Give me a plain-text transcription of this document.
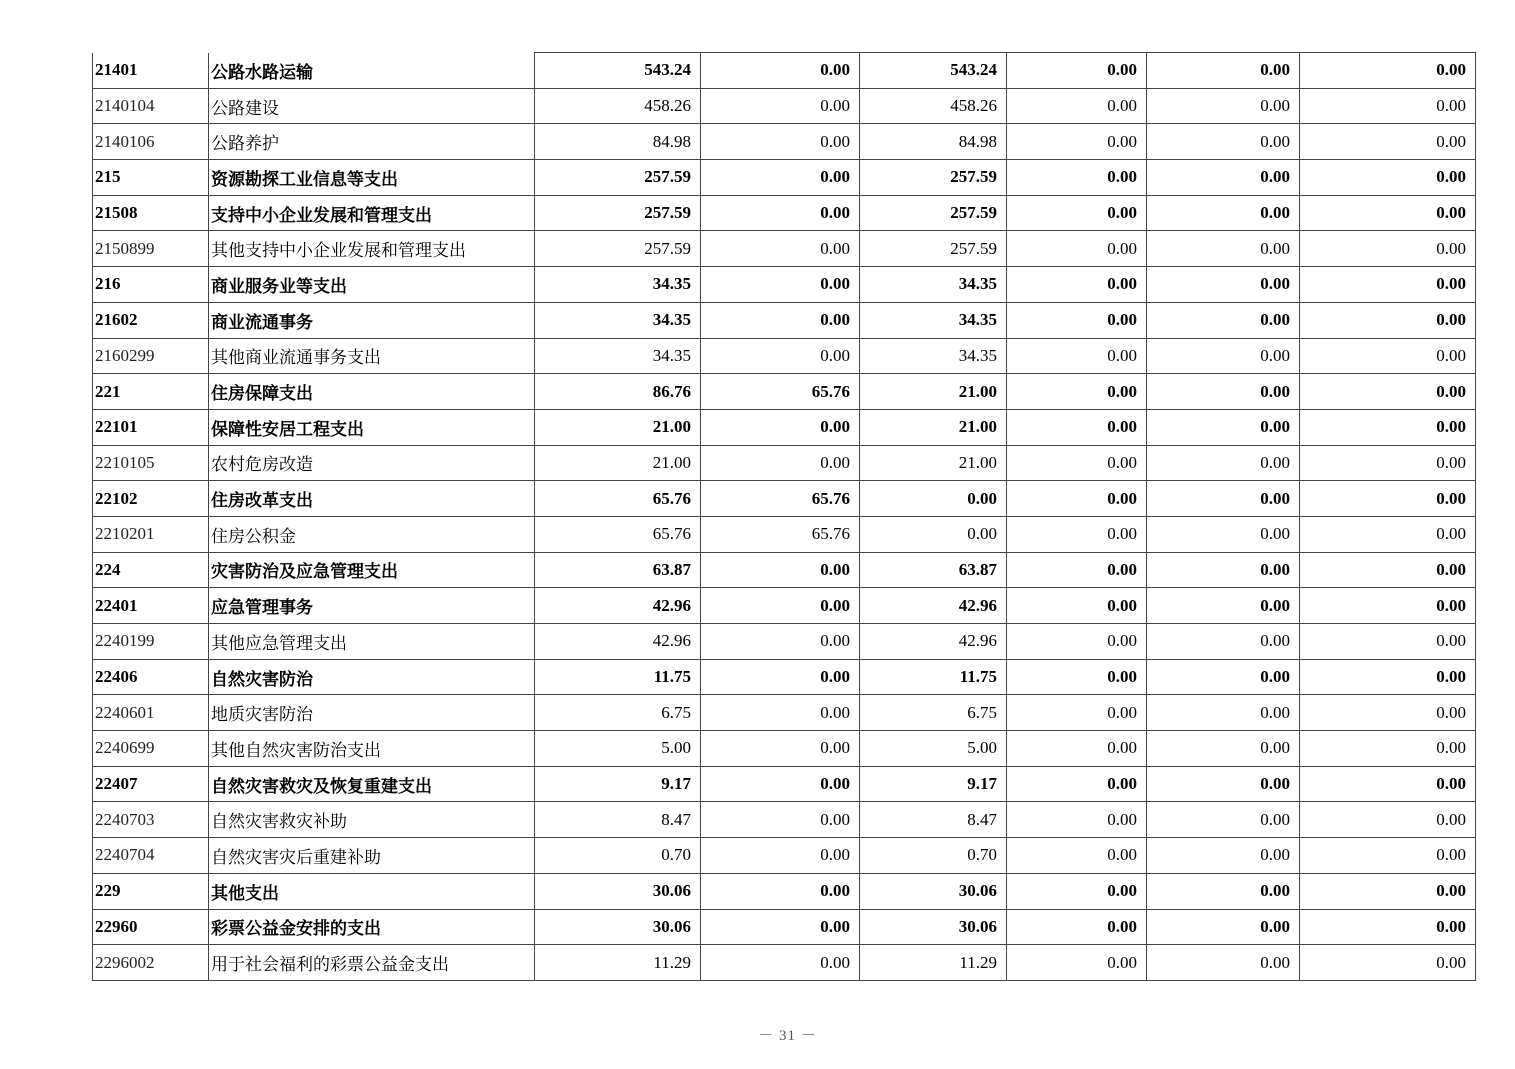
21401	公路水路运输	543.24	0.00	543.24	0.00	0.00	0.00
2140104	公路建设	458.26	0.00	458.26	0.00	0.00	0.00
2140106	公路养护	84.98	0.00	84.98	0.00	0.00	0.00
215	资源勘探工业信息等支出	257.59	0.00	257.59	0.00	0.00	0.00
21508	支持中小企业发展和管理支出	257.59	0.00	257.59	0.00	0.00	0.00
2150899	其他支持中小企业发展和管理支出	257.59	0.00	257.59	0.00	0.00	0.00
216	商业服务业等支出	34.35	0.00	34.35	0.00	0.00	0.00
21602	商业流通事务	34.35	0.00	34.35	0.00	0.00	0.00
2160299	其他商业流通事务支出	34.35	0.00	34.35	0.00	0.00	0.00
221	住房保障支出	86.76	65.76	21.00	0.00	0.00	0.00
22101	保障性安居工程支出	21.00	0.00	21.00	0.00	0.00	0.00
2210105	农村危房改造	21.00	0.00	21.00	0.00	0.00	0.00
22102	住房改革支出	65.76	65.76	0.00	0.00	0.00	0.00
2210201	住房公积金	65.76	65.76	0.00	0.00	0.00	0.00
224	灾害防治及应急管理支出	63.87	0.00	63.87	0.00	0.00	0.00
22401	应急管理事务	42.96	0.00	42.96	0.00	0.00	0.00
2240199	其他应急管理支出	42.96	0.00	42.96	0.00	0.00	0.00
22406	自然灾害防治	11.75	0.00	11.75	0.00	0.00	0.00
2240601	地质灾害防治	6.75	0.00	6.75	0.00	0.00	0.00
2240699	其他自然灾害防治支出	5.00	0.00	5.00	0.00	0.00	0.00
22407	自然灾害救灾及恢复重建支出	9.17	0.00	9.17	0.00	0.00	0.00
2240703	自然灾害救灾补助	8.47	0.00	8.47	0.00	0.00	0.00
2240704	自然灾害灾后重建补助	0.70	0.00	0.70	0.00	0.00	0.00
229	其他支出	30.06	0.00	30.06	0.00	0.00	0.00
22960	彩票公益金安排的支出	30.06	0.00	30.06	0.00	0.00	0.00
2296002	用于社会福利的彩票公益金支出	11.29	0.00	11.29	0.00	0.00	0.00
－ 31 －
